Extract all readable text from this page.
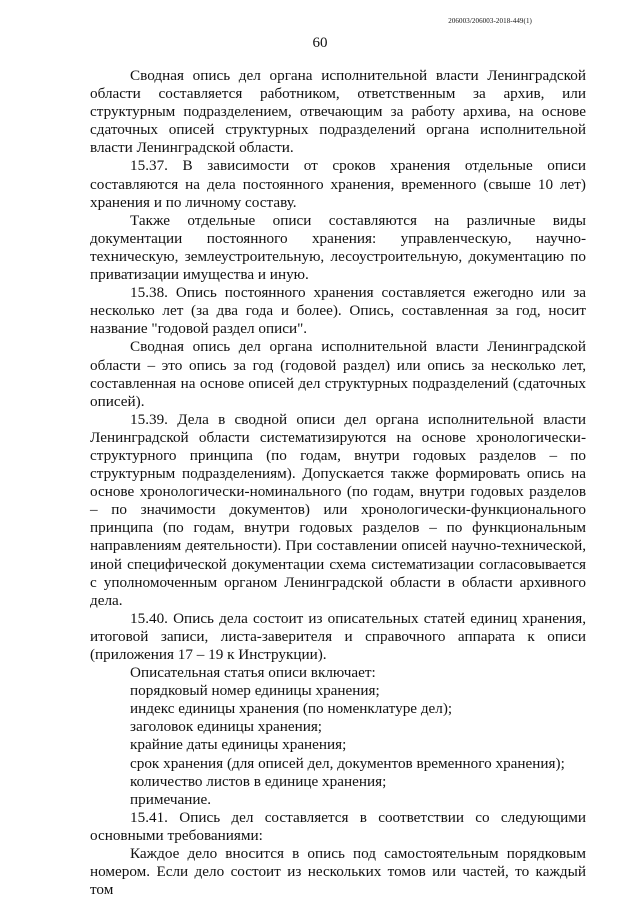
206003/206003-2018-449(1)
60

Сводная опись дел органа исполнительной власти Ленинградской области составляется работником, ответственным за архив, или структурным подразделением, отвечающим за работу архива, на основе сдаточных описей структурных подразделений органа исполнительной власти Ленинградской области.

15.37. В зависимости от сроков хранения отдельные описи составляются на дела постоянного хранения, временного (свыше 10 лет) хранения и по личному составу.

Также отдельные описи составляются на различные виды документации постоянного хранения: управленческую, научно-техническую, землеустроительную, лесоустроительную, документацию по приватизации имущества и иную.

15.38. Опись постоянного хранения составляется ежегодно или за несколько лет (за два года и более). Опись, составленная за год, носит название "годовой раздел описи".

Сводная опись дел органа исполнительной власти Ленинградской области – это опись за год (годовой раздел) или опись за несколько лет, составленная на основе описей дел структурных подразделений (сдаточных описей).

15.39. Дела в сводной описи дел органа исполнительной власти Ленинградской области систематизируются на основе хронологически-структурного принципа (по годам, внутри годовых разделов – по структурным подразделениям). Допускается также формировать опись на основе хронологически-номинального (по годам, внутри годовых разделов – по значимости документов) или хронологически-функционального принципа (по годам, внутри годовых разделов – по функциональным направлениям деятельности). При составлении описей научно-технической, иной специфической документации схема систематизации согласовывается с уполномоченным органом Ленинградской области в области архивного дела.

15.40. Опись дела состоит из описательных статей единиц хранения, итоговой записи, листа-заверителя и справочного аппарата к описи (приложения 17 – 19 к Инструкции).

Описательная статья описи включает:

порядковый номер единицы хранения;

индекс единицы хранения (по номенклатуре дел);

заголовок единицы хранения;

крайние даты единицы хранения;

срок хранения (для описей дел, документов временного хранения);

количество листов в единице хранения;

примечание.

15.41. Опись дел составляется в соответствии со следующими основными требованиями:

Каждое дело вносится в опись под самостоятельным порядковым номером. Если дело состоит из нескольких томов или частей, то каждый том
